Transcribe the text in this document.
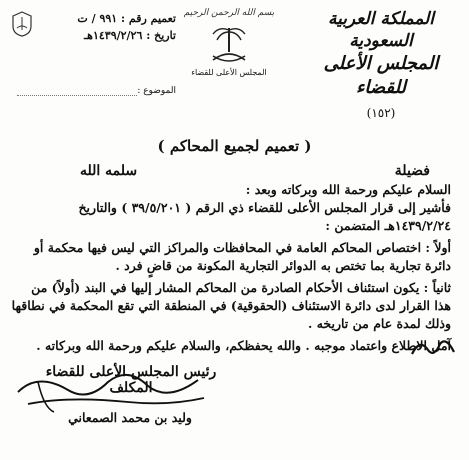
المملكة العربية السعودية
المجلس الأعلى للقضاء
(١٥٢)
بسم الله الرحمن الرحيم
المجلس الأعلى للقضاء
تعميم رقم : ٩٩١ / ت
تاريخ : ١٤٣٩/٢/٢٦هـ
الموضوع :
( تعميم لجميع المحاكم )
فضيلة
سلمه الله
السلام عليكم ورحمة الله وبركاته وبعد :
فأشير إلى قرار المجلس الأعلى للقضاء ذي الرقم ( ٣٩/٥/٢٠١ ) والتاريخ
١٤٣٩/٢/٢٤هـ المتضمن :
أولاً : اختصاص المحاكم العامة في المحافظات والمراكز التي ليس فيها محكمة أو
دائرة تجارية بما تختص به الدوائر التجارية المكونة من قاضٍ فرد .
ثانياً : يكون استئناف الأحكام الصادرة من المحاكم المشار إليها في البند (أولاً) من
هذا القرار لدى دائرة الاستئناف (الحقوقية) في المنطقة التي تقع المحكمة في نطاقها
وذلك لمدة عام من تاريخه .
آمل الاطلاع واعتماد موجبه . والله يحفظكم، والسلام عليكم ورحمة الله وبركاته .
رئيس المجلس الأعلى للقضاء المكلف
وليد بن محمد الصمعاني
